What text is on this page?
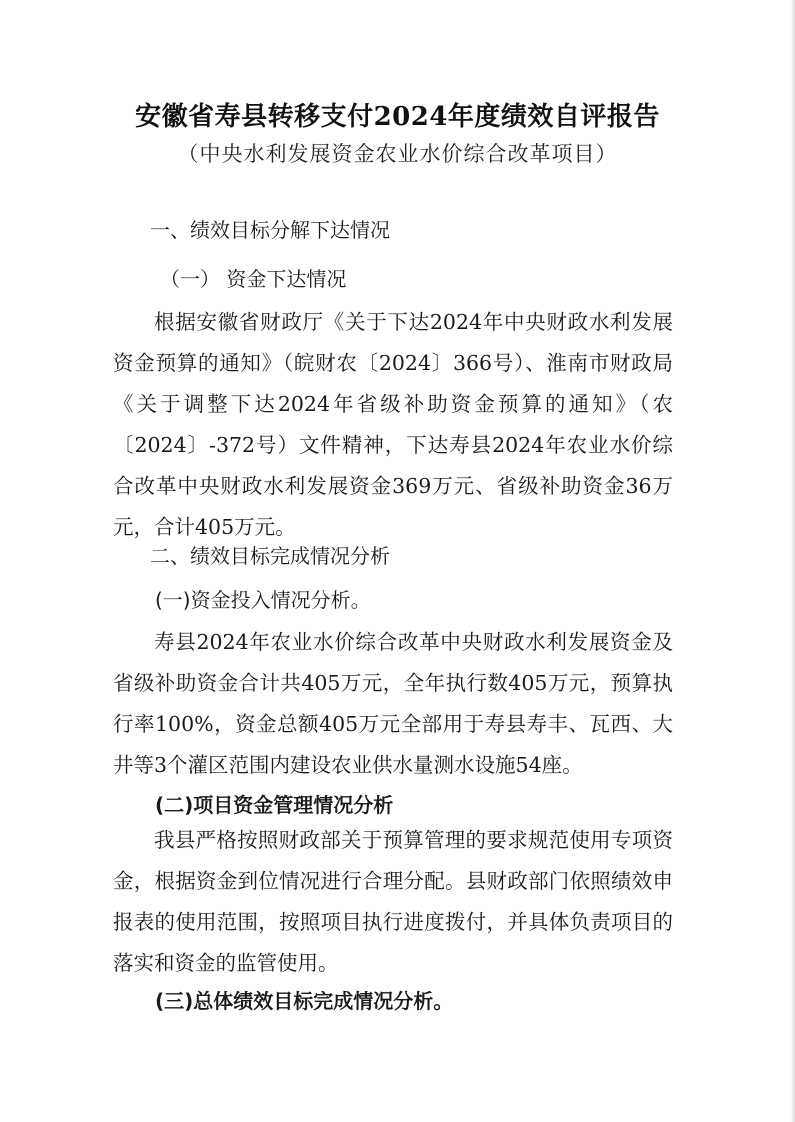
安徽省寿县转移支付2024年度绩效自评报告
（中央水利发展资金农业水价综合改革项目）
一、绩效目标分解下达情况
（一） 资金下达情况
根据安徽省财政厅《关于下达2024年中央财政水利发展资金预算的通知》（皖财农〔2024〕366号）、淮南市财政局《关于调整下达2024年省级补助资金预算的通知》（农〔2024〕-372号）文件精神，下达寿县2024年农业水价综合改革中央财政水利发展资金369万元、省级补助资金36万元，合计405万元。
二、绩效目标完成情况分析
(一)资金投入情况分析。
寿县2024年农业水价综合改革中央财政水利发展资金及省级补助资金合计共405万元，全年执行数405万元，预算执行率100%，资金总额405万元全部用于寿县寿丰、瓦西、大井等3个灌区范围内建设农业供水量测水设施54座。
(二)项目资金管理情况分析
我县严格按照财政部关于预算管理的要求规范使用专项资金，根据资金到位情况进行合理分配。县财政部门依照绩效申报表的使用范围，按照项目执行进度拨付，并具体负责项目的落实和资金的监管使用。
(三)总体绩效目标完成情况分析。
